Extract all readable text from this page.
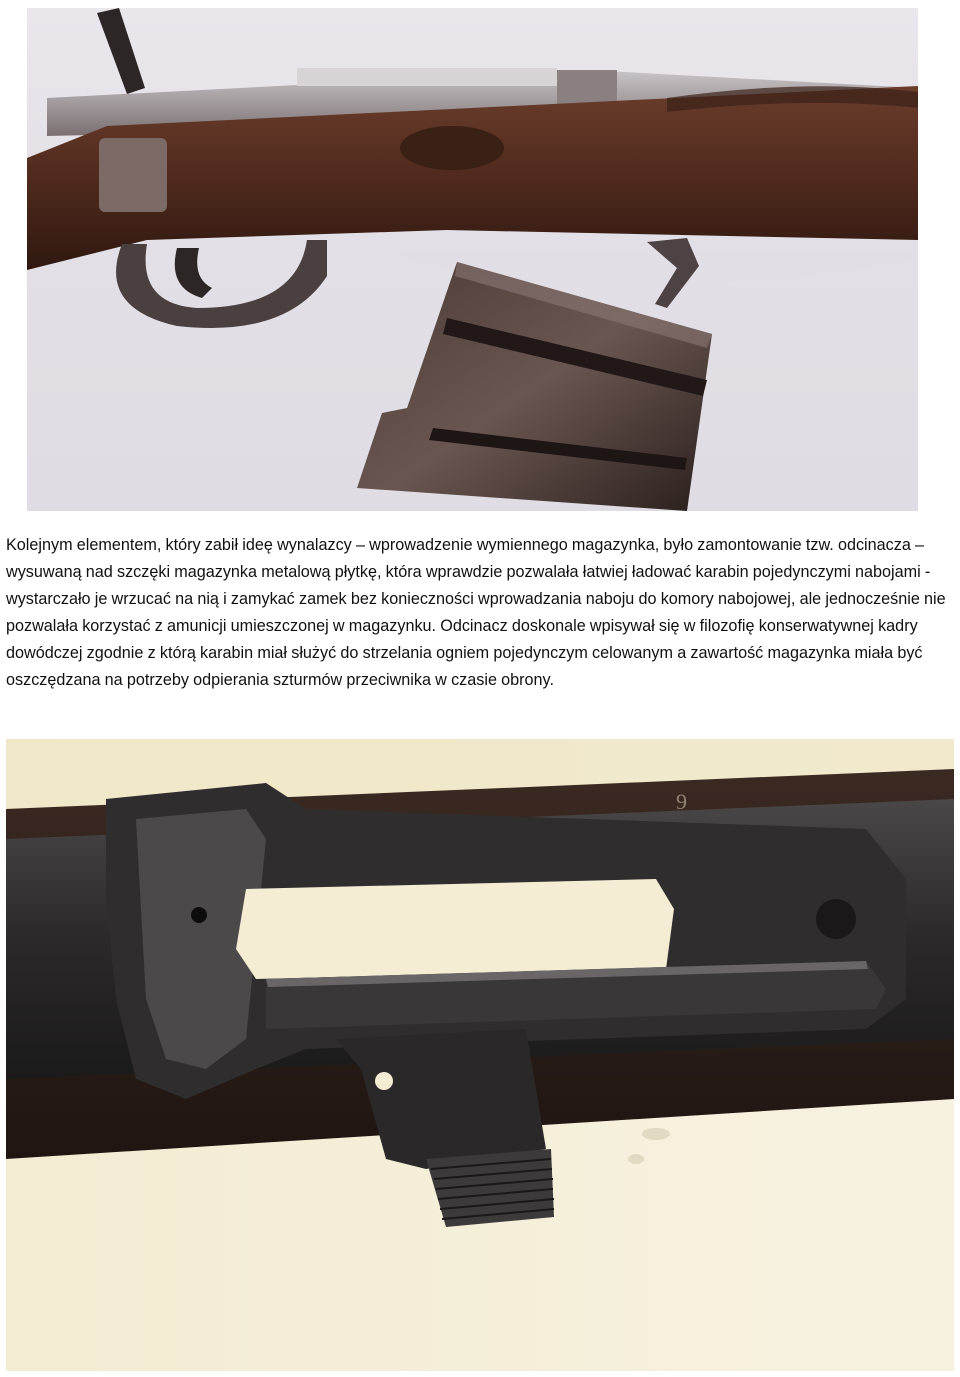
Kolejnym elementem, który zabił ideę wynalazcy – wprowadzenie wymiennego magazynka, było zamontowanie tzw. odcinacza – wysuwaną nad szczęki magazynka metalową płytkę, która wprawdzie pozwalała łatwiej ładować karabin pojedynczymi nabojami - wystarczało je wrzucać na nią i zamykać zamek bez konieczności wprowadzania naboju do komory nabojowej, ale jednocześnie nie pozwalała korzystać z amunicji umieszczonej w magazynku. Odcinacz doskonale wpisywał się w filozofię konserwatywnej kadry dowódczej zgodnie z którą karabin miał służyć do strzelania ogniem pojedynczym celowanym a zawartość magazynka miała być oszczędzana na potrzeby odpierania szturmów przeciwnika w czasie obrony.

9
